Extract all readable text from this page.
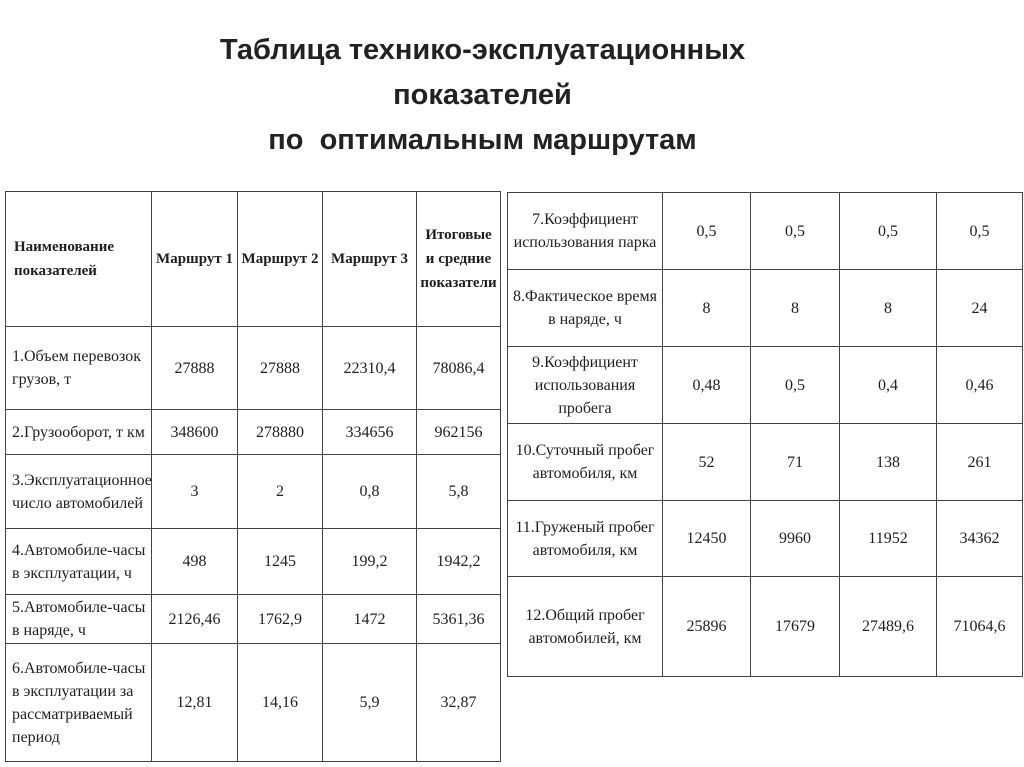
Таблица технико-эксплуатационных
показателей
по  оптимальным маршрутам
Наименование показателей	Маршрут 1	Маршрут 2	Маршрут 3	Итоговые и средние показатели
1.Объем перевозок грузов, т	27888	27888	22310,4	78086,4
2.Грузооборот, т км	348600	278880	334656	962156
3.Эксплуатационное число автомобилей	3	2	0,8	5,8
4.Автомобиле-часы в эксплуатации, ч	498	1245	199,2	1942,2
5.Автомобиле-часы в наряде, ч	2126,46	1762,9	1472	5361,36
6.Автомобиле-часы в эксплуатации за рассматриваемый период	12,81	14,16	5,9	32,87
7.Коэффициент использования парка	0,5	0,5	0,5	0,5
8.Фактическое время в наряде, ч	8	8	8	24
9.Коэффициент использования пробега	0,48	0,5	0,4	0,46
10.Суточный пробег автомобиля, км	52	71	138	261
11.Груженый пробег автомобиля, км	12450	9960	11952	34362
12.Общий пробег автомобилей, км	25896	17679	27489,6	71064,6
